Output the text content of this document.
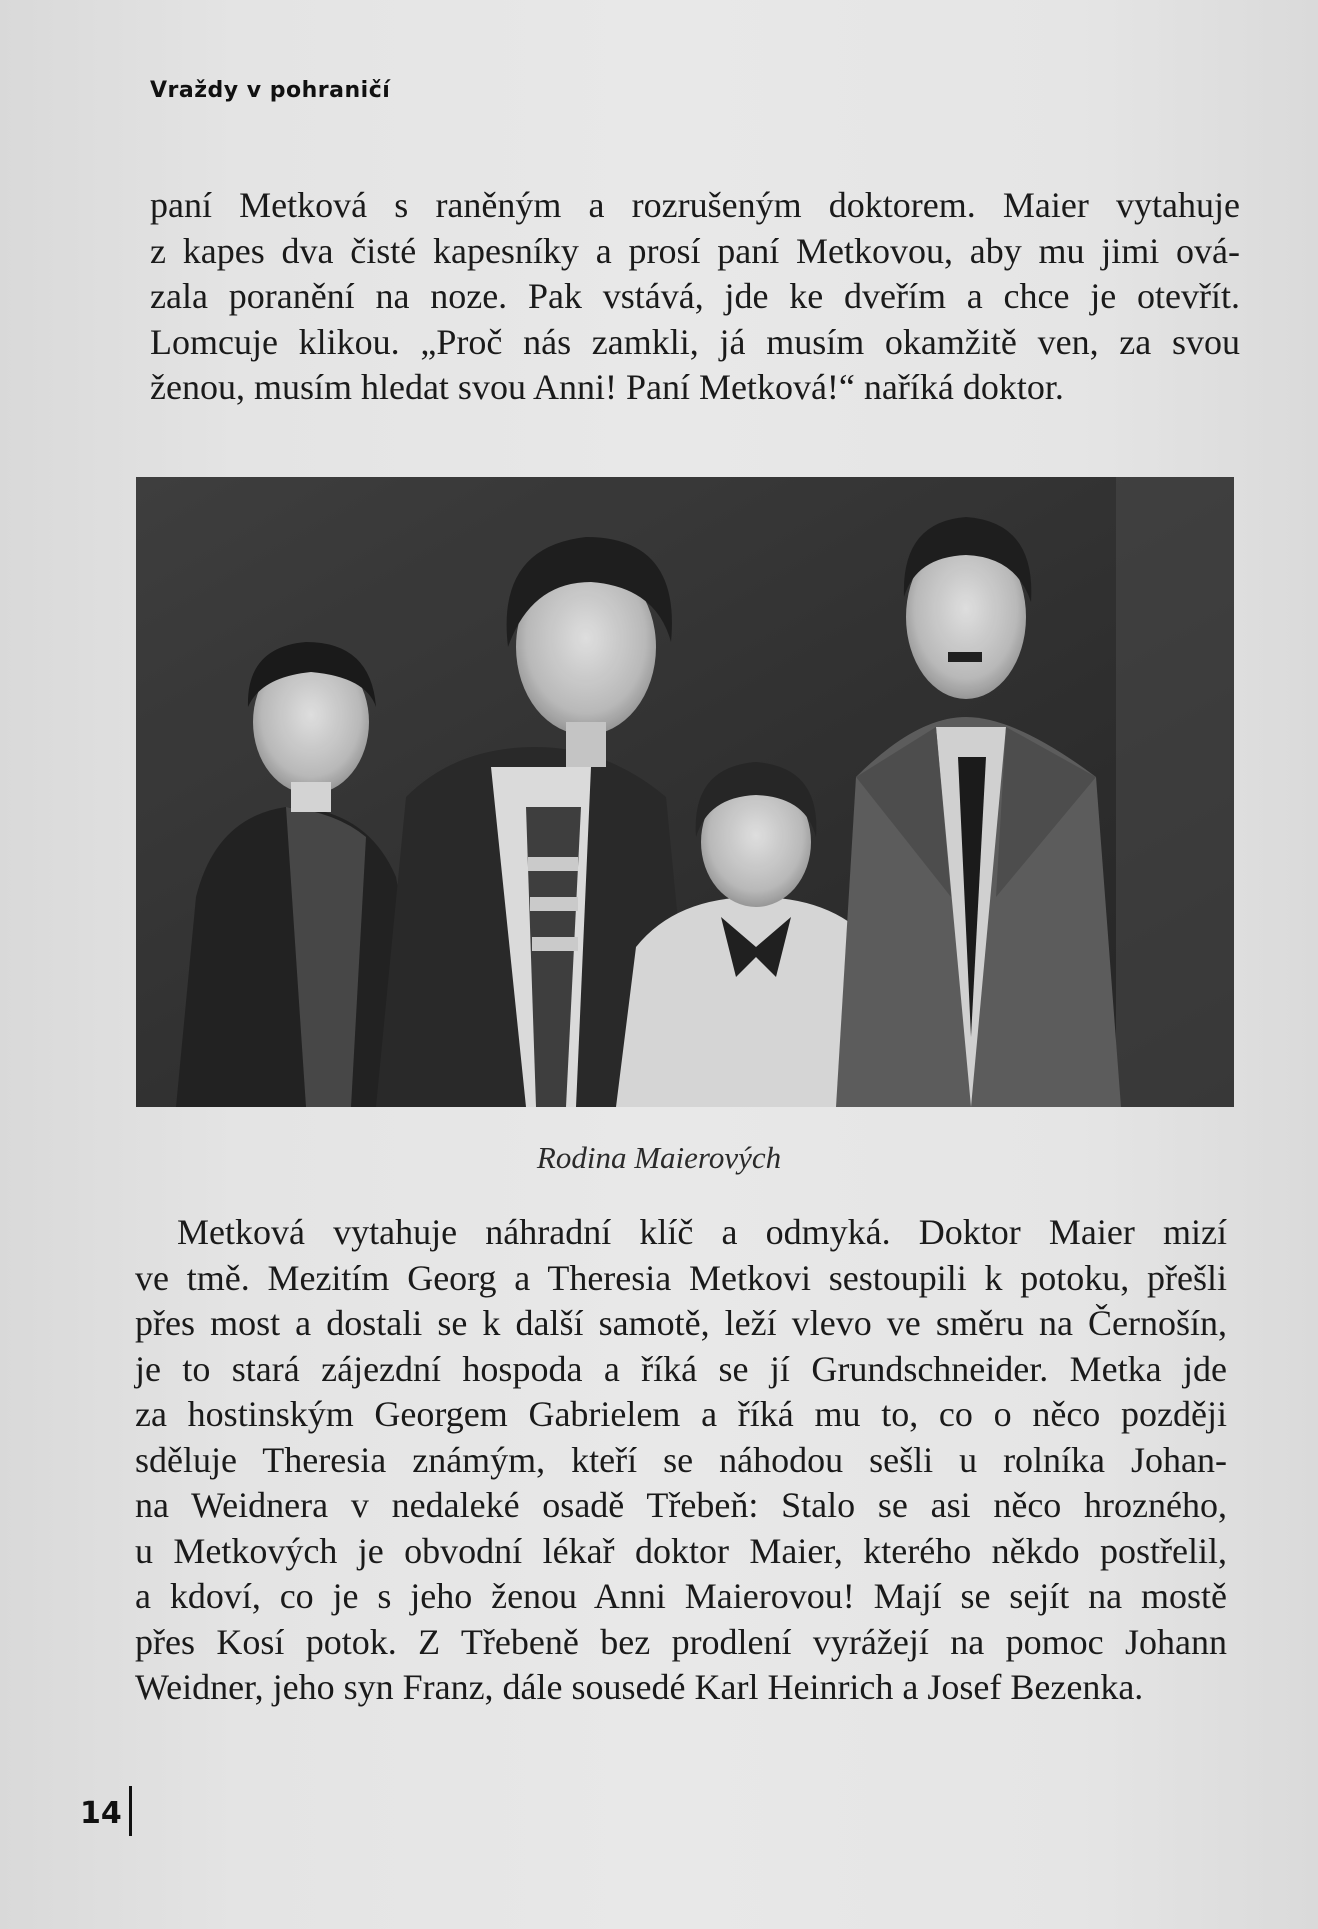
Vraždy v pohraničí
paní Metková s raněným a rozrušeným doktorem. Maier vytahuje
z kapes dva čisté kapesníky a prosí paní Metkovou, aby mu jimi ová-
zala poranění na noze. Pak vstává, jde ke dveřím a chce je otevřít.
Lomcuje klikou. „Proč nás zamkli, já musím okamžitě ven, za svou
ženou, musím hledat svou Anni! Paní Metková!“ naříká doktor.
Rodina Maierových
Metková vytahuje náhradní klíč a odmyká. Doktor Maier mizí
ve tmě. Mezitím Georg a Theresia Metkovi sestoupili k potoku, přešli
přes most a dostali se k další samotě, leží vlevo ve směru na Černošín,
je to stará zájezdní hospoda a říká se jí Grundschneider. Metka jde
za hostinským Georgem Gabrielem a říká mu to, co o něco později
sděluje Theresia známým, kteří se náhodou sešli u rolníka Johan-
na Weidnera v nedaleké osadě Třebeň: Stalo se asi něco hrozného,
u Metkových je obvodní lékař doktor Maier, kterého někdo postřelil,
a kdoví, co je s jeho ženou Anni Maierovou! Mají se sejít na mostě
přes Kosí potok. Z Třebeně bez prodlení vyrážejí na pomoc Johann
Weidner, jeho syn Franz, dále sousedé Karl Heinrich a Josef Bezenka.
14
